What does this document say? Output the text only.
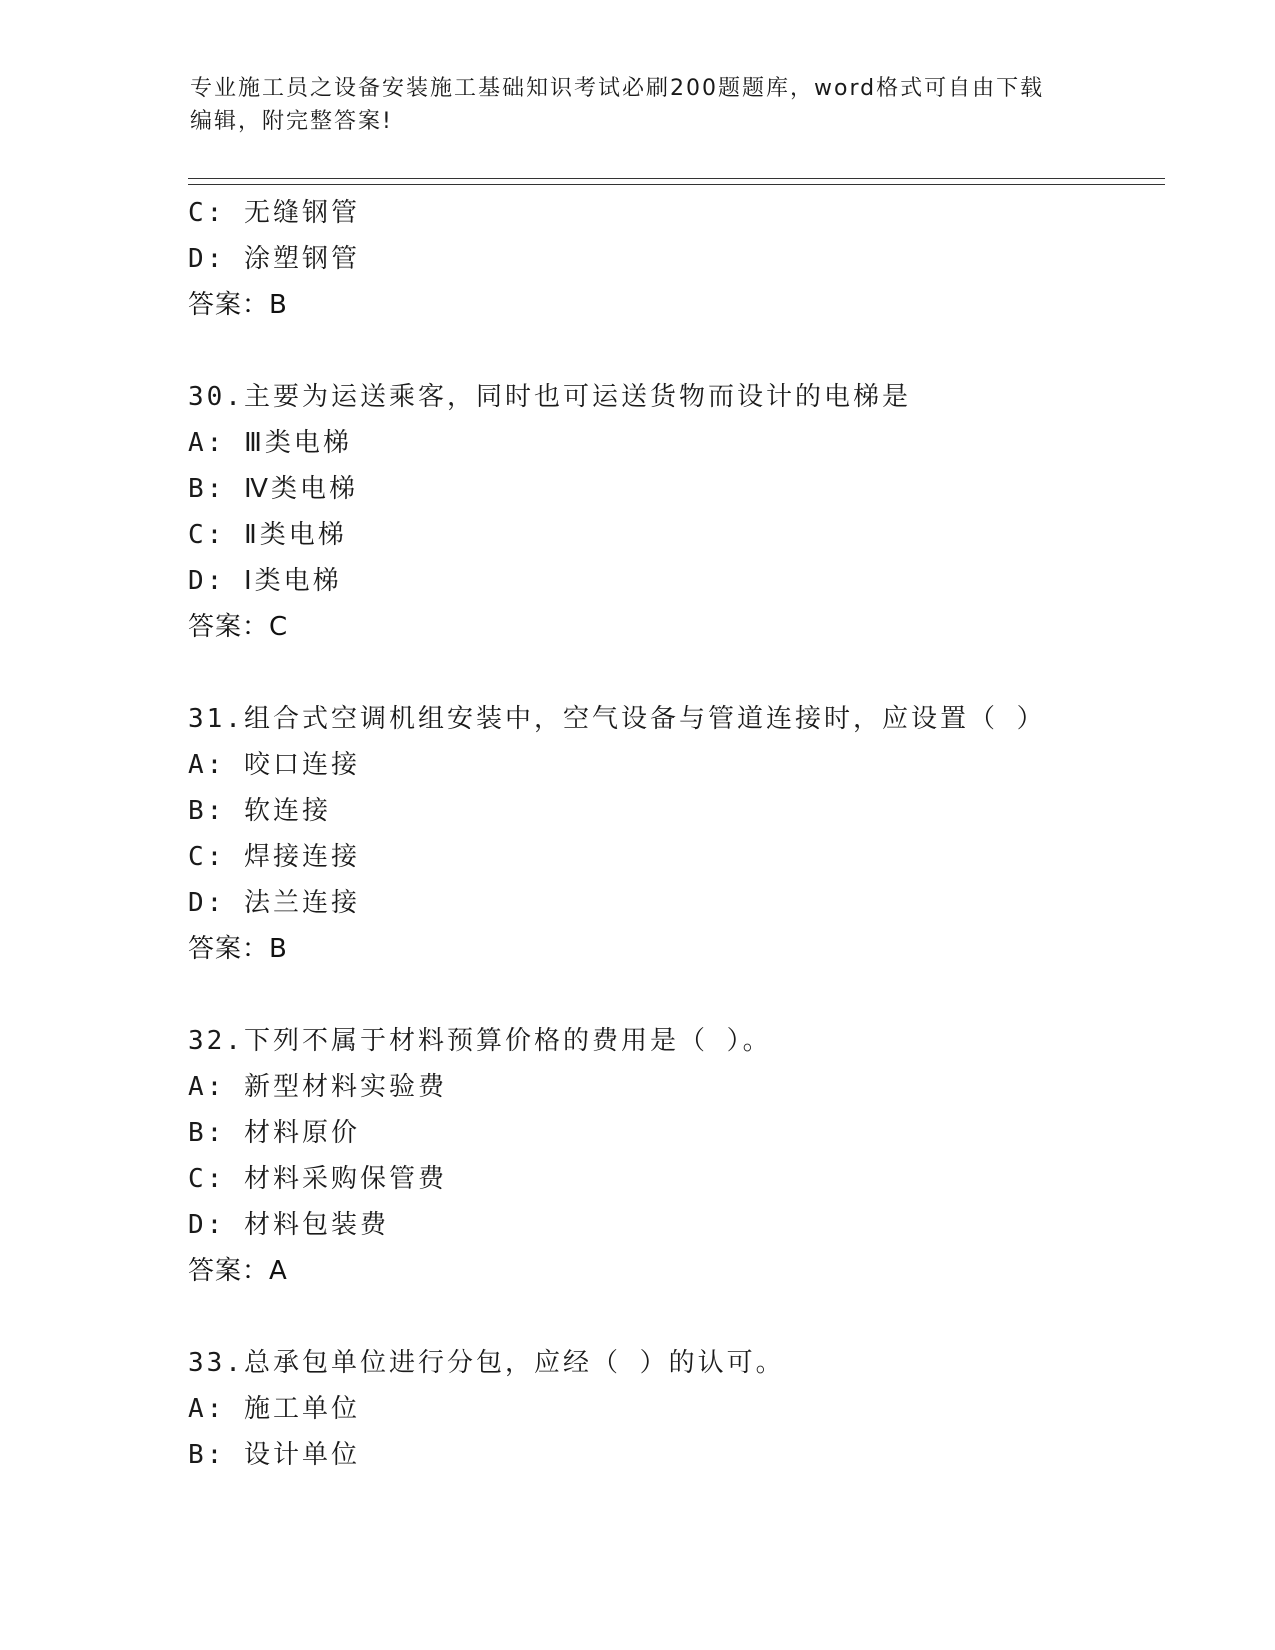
专业施工员之设备安装施工基础知识考试必刷200题题库，word格式可自由下载
编辑，附完整答案!
C: 无缝钢管
D: 涂塑钢管
答案：B
30.主要为运送乘客，同时也可运送货物而设计的电梯是
A: Ⅲ类电梯
B: Ⅳ类电梯
C: Ⅱ类电梯
D: Ⅰ类电梯
答案：C
31.组合式空调机组安装中，空气设备与管道连接时，应设置（ ）
A: 咬口连接
B: 软连接
C: 焊接连接
D: 法兰连接
答案：B
32.下列不属于材料预算价格的费用是（ ）。
A: 新型材料实验费
B: 材料原价
C: 材料采购保管费
D: 材料包装费
答案：A
33.总承包单位进行分包，应经（ ）的认可。
A: 施工单位
B: 设计单位
